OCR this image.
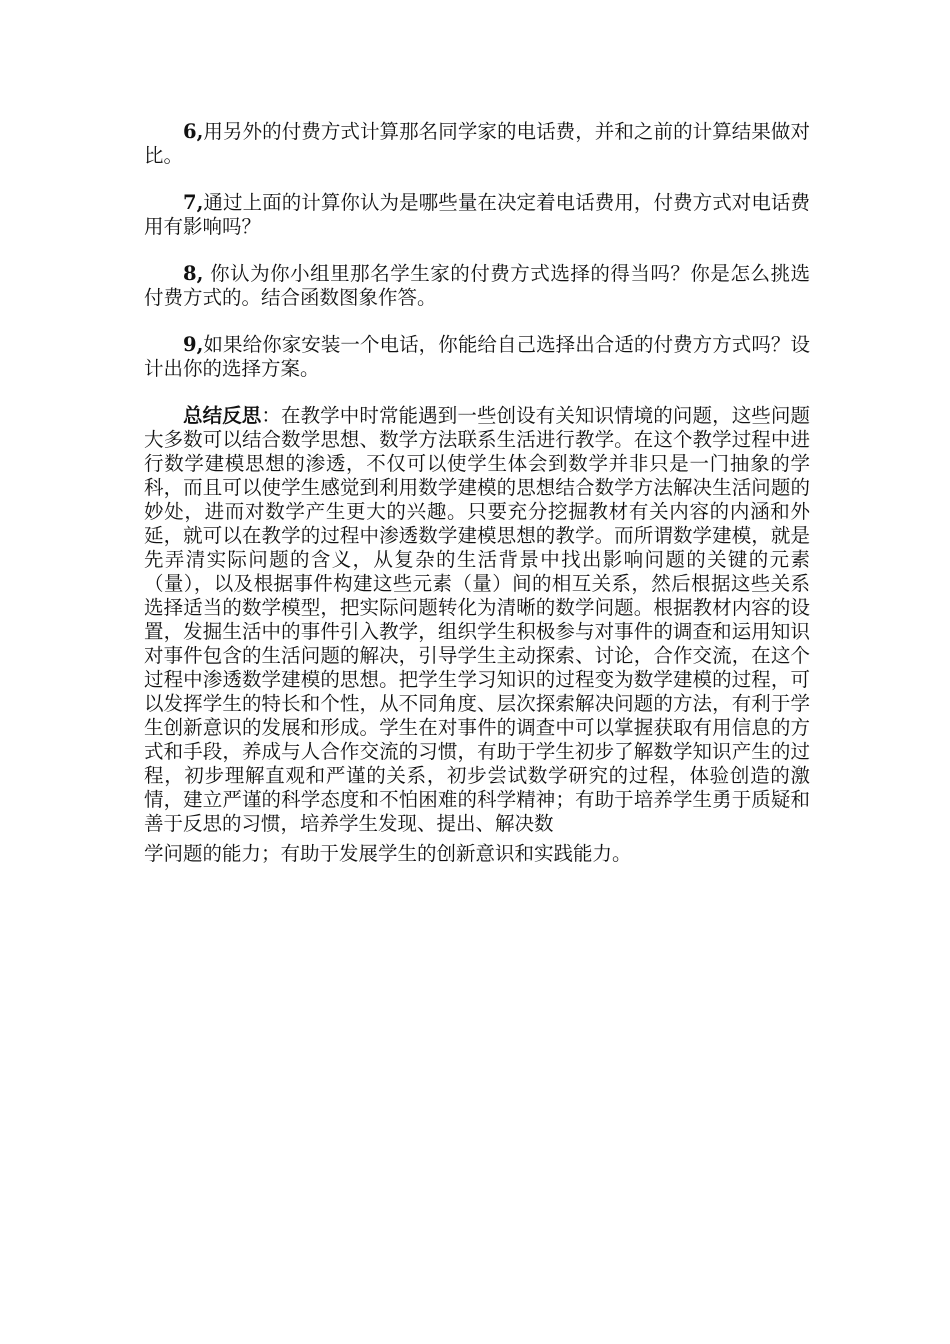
6,用另外的付费方式计算那名同学家的电话费，并和之前的计算结果做对比。

7,通过上面的计算你认为是哪些量在决定着电话费用，付费方式对电话费用有影响吗？

8, 你认为你小组里那名学生家的付费方式选择的得当吗？你是怎么挑选付费方式的。结合函数图象作答。

9,如果给你家安装一个电话，你能给自己选择出合适的付费方方式吗？设计出你的选择方案。

总结反思：在教学中时常能遇到一些创设有关知识情境的问题，这些问题大多数可以结合数学思想、数学方法联系生活进行教学。在这个教学过程中进行数学建模思想的渗透，不仅可以使学生体会到数学并非只是一门抽象的学科，而且可以使学生感觉到利用数学建模的思想结合数学方法解决生活问题的妙处，进而对数学产生更大的兴趣。只要充分挖掘教材有关内容的内涵和外延，就可以在教学的过程中渗透数学建模思想的教学。而所谓数学建模，就是先弄清实际问题的含义，从复杂的生活背景中找出影响问题的关键的元素（量），以及根据事件构建这些元素（量）间的相互关系，然后根据这些关系选择适当的数学模型，把实际问题转化为清晰的数学问题。根据教材内容的设置，发掘生活中的事件引入教学，组织学生积极参与对事件的调查和运用知识对事件包含的生活问题的解决，引导学生主动探索、讨论，合作交流，在这个过程中渗透数学建模的思想。把学生学习知识的过程变为数学建模的过程，可以发挥学生的特长和个性，从不同角度、层次探索解决问题的方法，有利于学生创新意识的发展和形成。学生在对事件的调查中可以掌握获取有用信息的方式和手段，养成与人合作交流的习惯，有助于学生初步了解数学知识产生的过程，初步理解直观和严谨的关系，初步尝试数学研究的过程，体验创造的激情，建立严谨的科学态度和不怕困难的科学精神；有助于培养学生勇于质疑和善于反思的习惯，培养学生发现、提出、解决数
学问题的能力；有助于发展学生的创新意识和实践能力。
